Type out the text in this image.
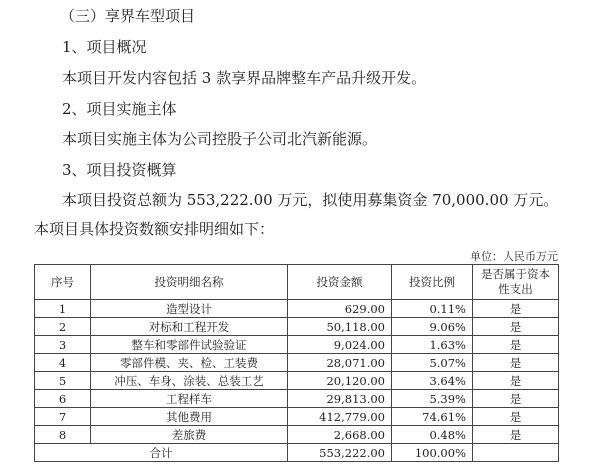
（三）享界车型项目
1、项目概况
本项目开发内容包括 3 款享界品牌整车产品升级开发。
2、项目实施主体
本项目实施主体为公司控股子公司北汽新能源。
3、项目投资概算
本项目投资总额为 553,222.00 万元，拟使用募集资金 70,000.00 万元。
本项目具体投资数额安排明细如下：
单位：人民币万元
序号	投资明细名称	投资金额	投资比例	是否属于资本性支出
1	造型设计	629.00	0.11%	是
2	对标和工程开发	50,118.00	9.06%	是
3	整车和零部件试验验证	9,024.00	1.63%	是
4	零部件模、夹、检、工装费	28,071.00	5.07%	是
5	冲压、车身、涂装、总装工艺	20,120.00	3.64%	是
6	工程样车	29,813.00	5.39%	是
7	其他费用	412,779.00	74.61%	是
8	差旅费	2,668.00	0.48%	是
合计		553,222.00	100.00%	
